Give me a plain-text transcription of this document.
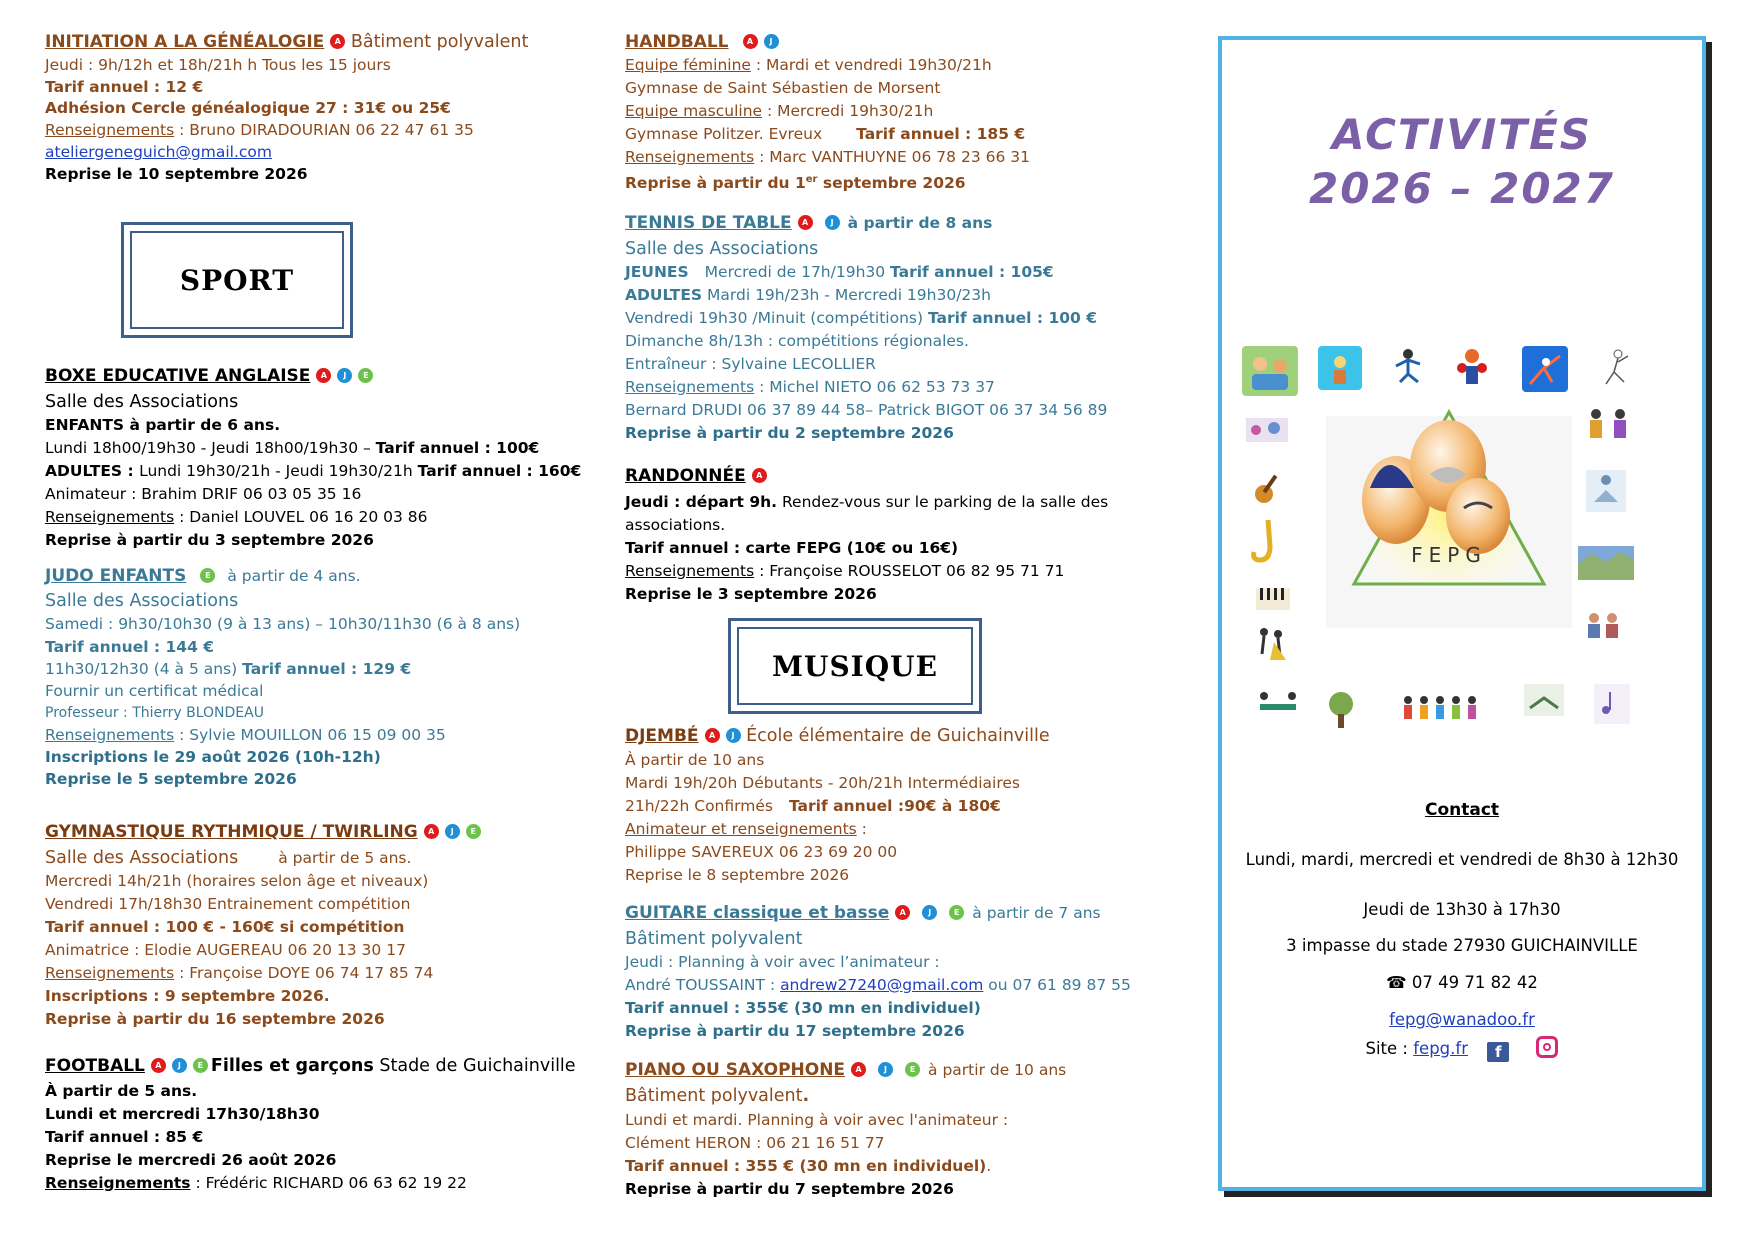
INITIATION A LA GÉNÉALOGIE A Bâtiment polyvalent
Jeudi : 9h/12h et 18h/21h h Tous les 15 jours
Tarif annuel : 12 €
Adhésion Cercle généalogique 27 : 31€ ou 25€
Renseignements : Bruno DIRADOURIAN 06 22 47 61 35
ateliergeneguich@gmail.com
Reprise le 10 septembre 2026
SPORT
BOXE EDUCATIVE ANGLAISE A J E
Salle des Associations
ENFANTS à partir de 6 ans.
Lundi 18h00/19h30 - Jeudi 18h00/19h30 – Tarif annuel : 100€
ADULTES : Lundi 19h30/21h - Jeudi 19h30/21h Tarif annuel : 160€
Animateur : Brahim DRIF 06 03 05 35 16
Renseignements : Daniel LOUVEL 06 16 20 03 86
Reprise à partir du 3 septembre 2026
JUDO ENFANTS E à partir de 4 ans.
Salle des Associations
Samedi : 9h30/10h30 (9 à 13 ans) – 10h30/11h30 (6 à 8 ans)
Tarif annuel : 144 €
11h30/12h30 (4 à 5 ans) Tarif annuel : 129 €
Fournir un certificat médical
Professeur : Thierry BLONDEAU
Renseignements : Sylvie MOUILLON 06 15 09 00 35
Inscriptions le 29 août 2026 (10h-12h)
Reprise le 5 septembre 2026
GYMNASTIQUE RYTHMIQUE / TWIRLING A J E
Salle des Associations	à partir de 5 ans.
Mercredi 14h/21h (horaires selon âge et niveaux)
Vendredi 17h/18h30 Entrainement compétition
Tarif annuel : 100 € - 160€ si compétition
Animatrice : Elodie AUGEREAU 06 20 13 30 17
Renseignements : Françoise DOYE 06 74 17 85 74
Inscriptions : 9 septembre 2026.
Reprise à partir du 16 septembre 2026
FOOTBALL A J E Filles et garçons Stade de Guichainville
À partir de 5 ans.
Lundi et mercredi 17h30/18h30
Tarif annuel : 85 €
Reprise le mercredi 26 août 2026
Renseignements : Frédéric RICHARD 06 63 62 19 22
HANDBALL A J
Equipe féminine : Mardi et vendredi 19h30/21h
Gymnase de Saint Sébastien de Morsent
Equipe masculine : Mercredi 19h30/21h
Gymnase Politzer. Evreux Tarif annuel : 185 €
Renseignements : Marc VANTHUYNE 06 78 23 66 31
Reprise à partir du 1er septembre 2026
TENNIS DE TABLE A	J à partir de 8 ans
Salle des Associations
JEUNES Mercredi de 17h/19h30 Tarif annuel : 105€
ADULTES Mardi 19h/23h - Mercredi 19h30/23h
Vendredi 19h30 /Minuit (compétitions) Tarif annuel : 100 €
Dimanche 8h/13h : compétitions régionales.
Entraîneur : Sylvaine LECOLLIER
Renseignements : Michel NIETO 06 62 53 73 37
Bernard DRUDI 06 37 89 44 58– Patrick BIGOT 06 37 34 56 89
Reprise à partir du 2 septembre 2026
RANDONNÉE A
Jeudi : départ 9h. Rendez-vous sur le parking de la salle des
associations.
Tarif annuel : carte FEPG (10€ ou 16€)
Renseignements : Françoise ROUSSELOT 06 82 95 71 71
Reprise le 3 septembre 2026
MUSIQUE
DJEMBÉ A J École élémentaire de Guichainville
À partir de 10 ans
Mardi 19h/20h Débutants - 20h/21h Intermédiaires
21h/22h Confirmés Tarif annuel :90€ à 180€
Animateur et renseignements :
Philippe SAVEREUX 06 23 69 20 00
Reprise le 8 septembre 2026
GUITARE classique et basse A	J	E à partir de 7 ans
Bâtiment polyvalent
Jeudi : Planning à voir avec l’animateur :
André TOUSSAINT : andrew27240@gmail.com ou 07 61 89 87 55
Tarif annuel : 355€ (30 mn en individuel)
Reprise à partir du 17 septembre 2026
PIANO OU SAXOPHONE A	J	E à partir de 10 ans
Bâtiment polyvalent.
Lundi et mardi. Planning à voir avec l'animateur :
Clément HERON : 06 21 16 51 77
Tarif annuel : 355 € (30 mn en individuel).
Reprise à partir du 7 septembre 2026
ACTIVITÉS
2026 – 2027
FEPG
Contact
Lundi, mardi, mercredi et vendredi de 8h30 à 12h30
Jeudi de 13h30 à 17h30
3 impasse du stade 27930 GUICHAINVILLE
☎ 07 49 71 82 42
fepg@wanadoo.fr
Site : fepg.fr f
